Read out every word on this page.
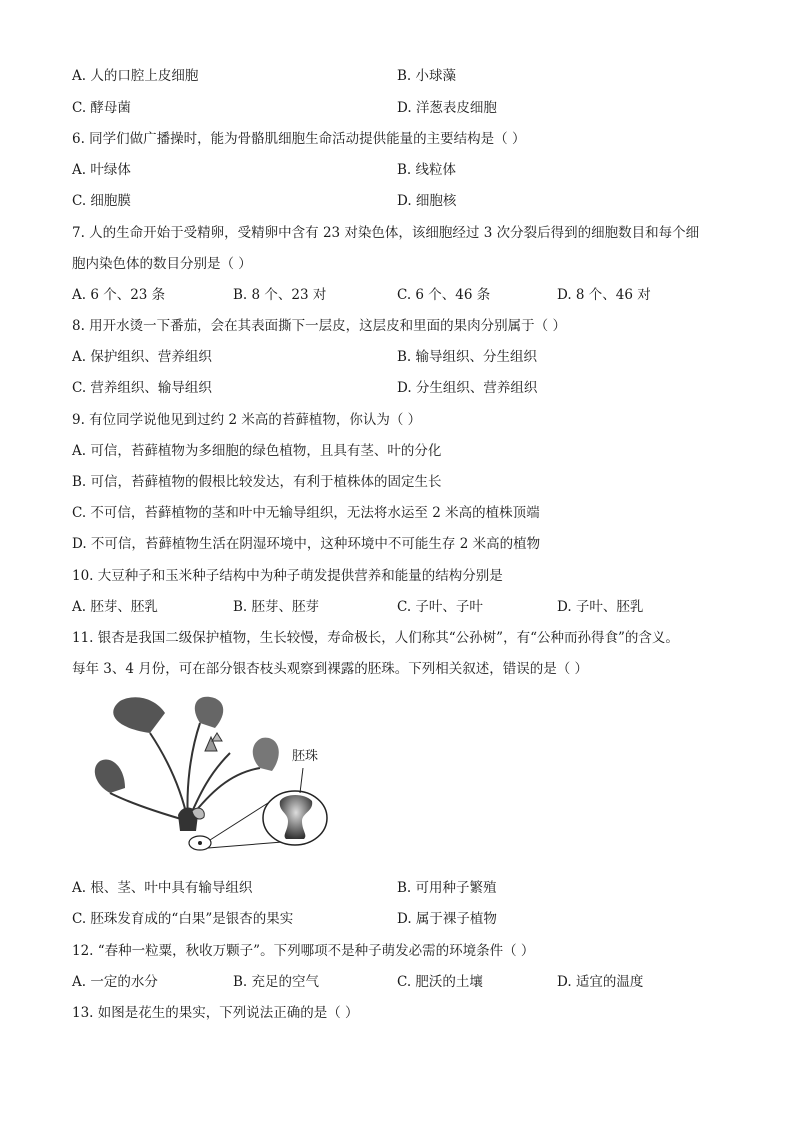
A. 人的口腔上皮细胞	B. 小球藻
C. 酵母菌	D. 洋葱表皮细胞
6. 同学们做广播操时，能为骨骼肌细胞生命活动提供能量的主要结构是（ ）
A. 叶绿体	B. 线粒体
C. 细胞膜	D. 细胞核
7. 人的生命开始于受精卵，受精卵中含有 23 对染色体，该细胞经过 3 次分裂后得到的细胞数目和每个细
胞内染色体的数目分别是（ ）
A. 6 个、23 条	B. 8 个、23 对	C. 6 个、46 条	D. 8 个、46 对
8. 用开水烫一下番茄，会在其表面撕下一层皮，这层皮和里面的果肉分别属于（ ）
A. 保护组织、营养组织	B. 输导组织、分生组织
C. 营养组织、输导组织	D. 分生组织、营养组织
9. 有位同学说他见到过约 2 米高的苔藓植物，你认为（ ）
A. 可信，苔藓植物为多细胞的绿色植物，且具有茎、叶的分化
B. 可信，苔藓植物的假根比较发达，有利于植株体的固定生长
C. 不可信，苔藓植物的茎和叶中无输导组织，无法将水运至 2 米高的植株顶端
D. 不可信，苔藓植物生活在阴湿环境中，这种环境中不可能生存 2 米高的植物
10. 大豆种子和玉米种子结构中为种子萌发提供营养和能量的结构分别是
A. 胚芽、胚乳	B. 胚芽、胚芽	C. 子叶、子叶	D. 子叶、胚乳
11. 银杏是我国二级保护植物，生长较慢，寿命极长，人们称其“公孙树”，有“公种而孙得食”的含义。
每年 3、4 月份，可在部分银杏枝头观察到裸露的胚珠。下列相关叙述，错误的是（ ）
胚珠
A. 根、茎、叶中具有输导组织	B. 可用种子繁殖
C. 胚珠发育成的“白果”是银杏的果实	D. 属于裸子植物
12. “春种一粒粟，秋收万颗子”。下列哪项不是种子萌发必需的环境条件（ ）
A. 一定的水分	B. 充足的空气	C. 肥沃的土壤	D. 适宜的温度
13. 如图是花生的果实，下列说法正确的是（ ）
